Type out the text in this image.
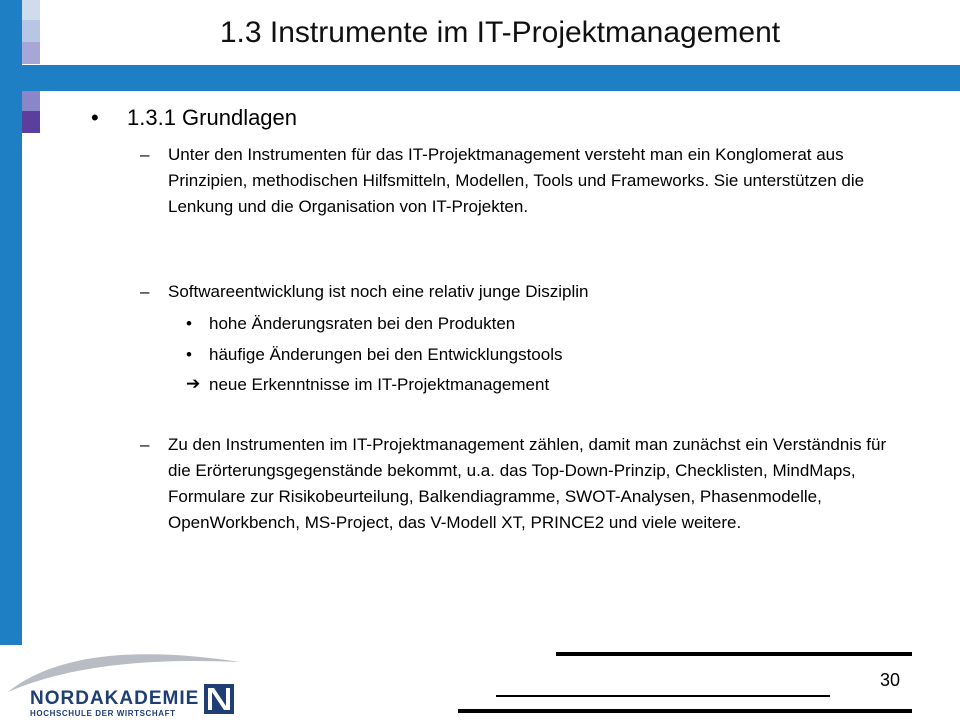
1.3 Instrumente im IT-Projektmanagement
• 1.3.1 Grundlagen
– Unter den Instrumenten für das IT-Projektmanagement versteht man ein Konglomerat aus Prinzipien, methodischen Hilfsmitteln, Modellen, Tools und Frameworks. Sie unterstützen die Lenkung und die Organisation von IT-Projekten.
– Softwareentwicklung ist noch eine relativ junge Disziplin
• hohe Änderungsraten bei den Produkten
• häufige Änderungen bei den Entwicklungstools
➔ neue Erkenntnisse im IT-Projektmanagement
– Zu den Instrumenten im IT-Projektmanagement zählen, damit man zunächst ein Verständnis für die Erörterungsgegenstände bekommt, u.a. das Top-Down-Prinzip, Checklisten, MindMaps, Formulare zur Risikobeurteilung, Balkendiagramme, SWOT-Analysen, Phasenmodelle, OpenWorkbench, MS-Project, das V-Modell XT, PRINCE2 und viele weitere.
30
NORDAKADEMIE
HOCHSCHULE DER WIRTSCHAFT
